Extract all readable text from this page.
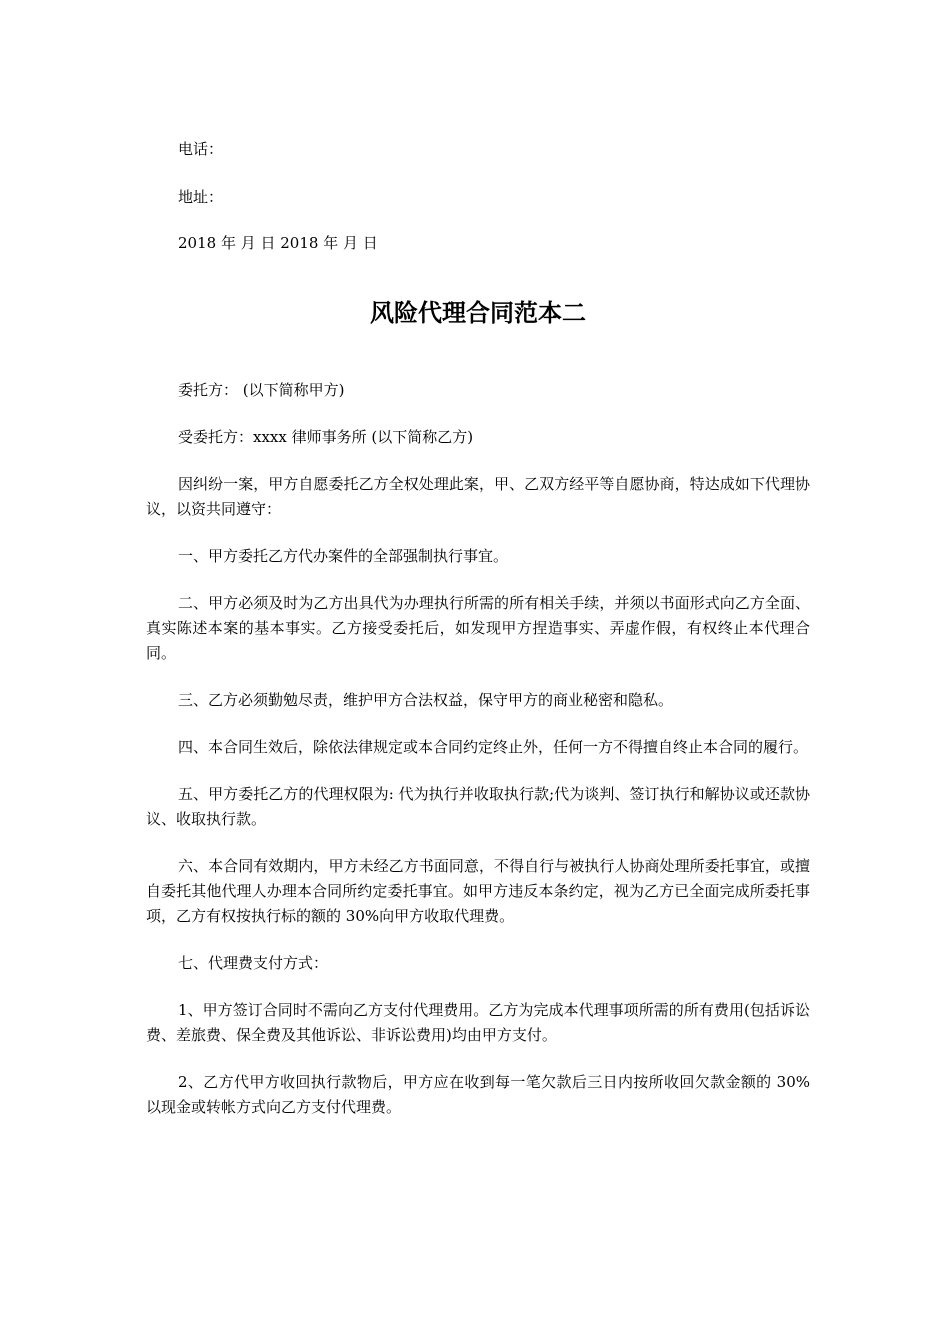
电话：

地址：

2018 年 月 日 2018 年 月 日

风险代理合同范本二

委托方： (以下简称甲方)

受委托方：xxxx 律师事务所 (以下简称乙方)

因纠纷一案，甲方自愿委托乙方全权处理此案，甲、乙双方经平等自愿协商，特达成如下代理协议，以资共同遵守：

一、甲方委托乙方代办案件的全部强制执行事宜。

二、甲方必须及时为乙方出具代为办理执行所需的所有相关手续，并须以书面形式向乙方全面、真实陈述本案的基本事实。乙方接受委托后，如发现甲方捏造事实、弄虚作假，有权终止本代理合同。

三、乙方必须勤勉尽责，维护甲方合法权益，保守甲方的商业秘密和隐私。

四、本合同生效后，除依法律规定或本合同约定终止外，任何一方不得擅自终止本合同的履行。

五、甲方委托乙方的代理权限为: 代为执行并收取执行款;代为谈判、签订执行和解协议或还款协议、收取执行款。

六、本合同有效期内，甲方未经乙方书面同意，不得自行与被执行人协商处理所委托事宜，或擅自委托其他代理人办理本合同所约定委托事宜。如甲方违反本条约定，视为乙方已全面完成所委托事项，乙方有权按执行标的额的 30%向甲方收取代理费。

七、代理费支付方式：

1、甲方签订合同时不需向乙方支付代理费用。乙方为完成本代理事项所需的所有费用(包括诉讼费、差旅费、保全费及其他诉讼、非诉讼费用)均由甲方支付。

2、乙方代甲方收回执行款物后，甲方应在收到每一笔欠款后三日内按所收回欠款金额的 30%以现金或转帐方式向乙方支付代理费。
